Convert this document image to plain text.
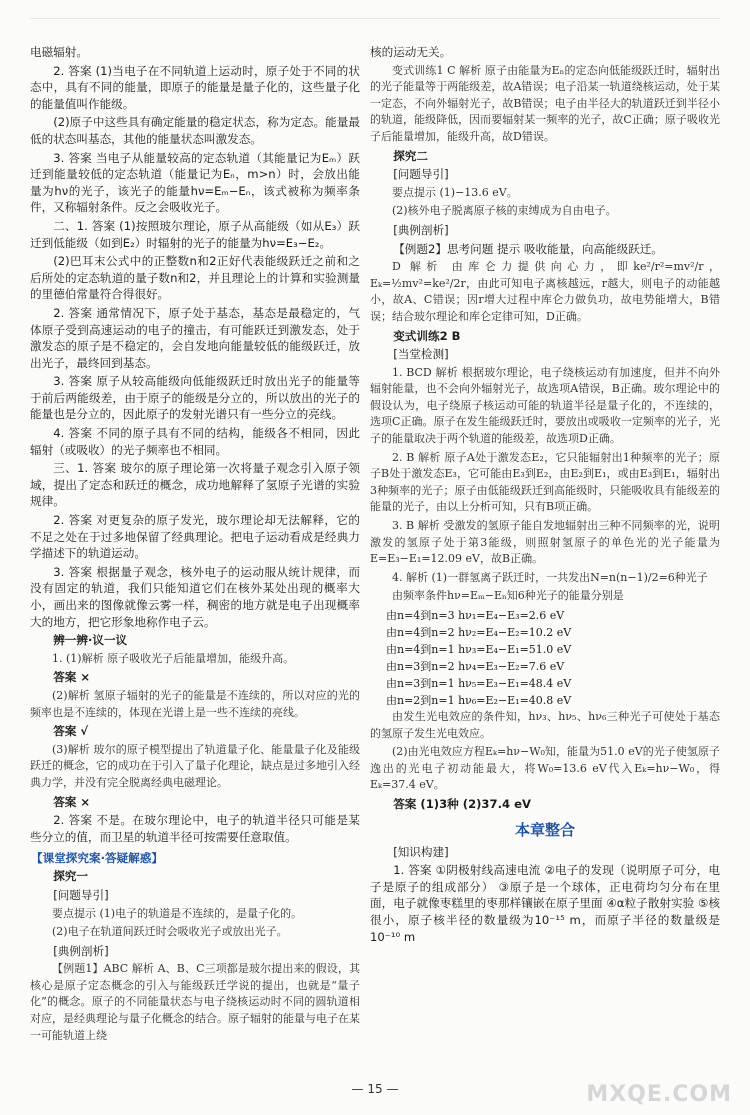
电磁辐射。

2. 答案 (1)当电子在不同轨道上运动时，原子处于不同的状态中，具有不同的能量，即原子的能量是量子化的，这些量子化的能量值叫作能级。

(2)原子中这些具有确定能量的稳定状态，称为定态。能量最低的状态叫基态，其他的能量状态叫激发态。

3. 答案 当电子从能量较高的定态轨道（其能量记为Eₘ）跃迁到能量较低的定态轨道（能量记为Eₙ，m>n）时，会放出能量为hν的光子，该光子的能量hν=Eₘ−Eₙ，该式被称为频率条件，又称辐射条件。反之会吸收光子。

二、1. 答案 (1)按照玻尔理论，原子从高能级（如从E₃）跃迁到低能级（如到E₂）时辐射的光子的能量为hν=E₃−E₂。

(2)巴耳末公式中的正整数n和2正好代表能级跃迁之前和之后所处的定态轨道的量子数n和2，并且理论上的计算和实验测量的里德伯常量符合得很好。

2. 答案 通常情况下，原子处于基态，基态是最稳定的，气体原子受到高速运动的电子的撞击，有可能跃迁到激发态，处于激发态的原子是不稳定的，会自发地向能量较低的能级跃迁，放出光子，最终回到基态。

3. 答案 原子从较高能级向低能级跃迁时放出光子的能量等于前后两能级差，由于原子的能级是分立的，所以放出的光子的能量也是分立的，因此原子的发射光谱只有一些分立的亮线。

4. 答案 不同的原子具有不同的结构，能级各不相同，因此辐射（或吸收）的光子频率也不相同。

三、1. 答案 玻尔的原子理论第一次将量子观念引入原子领域，提出了定态和跃迁的概念，成功地解释了氢原子光谱的实验规律。

2. 答案 对更复杂的原子发光，玻尔理论却无法解释，它的不足之处在于过多地保留了经典理论。把电子运动看成是经典力学描述下的轨道运动。

3. 答案 根据量子观念，核外电子的运动服从统计规律，而没有固定的轨道，我们只能知道它们在核外某处出现的概率大小，画出来的图像就像云雾一样，稠密的地方就是电子出现概率大的地方，把它形象地称作电子云。

辨一辨·议一议

1. (1)解析 原子吸收光子后能量增加，能级升高。

答案 ×

(2)解析 氢原子辐射的光子的能量是不连续的，所以对应的光的频率也是不连续的，体现在光谱上是一些不连续的亮线。

答案 √

(3)解析 玻尔的原子模型提出了轨道量子化、能量量子化及能级跃迁的概念，它的成功在于引入了量子化理论，缺点是过多地引入经典力学，并没有完全脱离经典电磁理论。

答案 ×

2. 答案 不是。在玻尔理论中，电子的轨道半径只可能是某些分立的值，而卫星的轨道半径可按需要任意取值。

【课堂探究案·答疑解惑】

探究一

[问题导引]

要点提示 (1)电子的轨道是不连续的，是量子化的。

(2)电子在轨道间跃迁时会吸收光子或放出光子。

[典例剖析]

【例题1】ABC 解析 A、B、C三项都是玻尔提出来的假设，其核心是原子定态概念的引入与能级跃迁学说的提出，也就是“量子化”的概念。原子的不同能量状态与电子绕核运动时不同的圆轨道相对应，是经典理论与量子化概念的结合。原子辐射的能量与电子在某一可能轨道上绕

核的运动无关。

变式训练1 C 解析 原子由能量为Eₙ的定态向低能级跃迁时，辐射出的光子能量等于两能级差，故A错误；电子沿某一轨道绕核运动，处于某一定态，不向外辐射光子，故B错误；电子由半径大的轨道跃迁到半径小的轨道，能级降低，因而要辐射某一频率的光子，故C正确；原子吸收光子后能量增加，能级升高，故D错误。

探究二

[问题导引]

要点提示 (1)−13.6 eV。

(2)核外电子脱离原子核的束缚成为自由电子。

[典例剖析]

【例题2】思考问题 提示 吸收能量，向高能级跃迁。

D 解析 由库仑力提供向心力，即ke²/r²=mv²/r，Eₖ=½mv²=ke²/2r，由此可知电子离核越远，r越大，则电子的动能越小，故A、C错误；因r增大过程中库仑力做负功，故电势能增大，B错误；结合玻尔理论和库仑定律可知，D正确。

变式训练2 B

[当堂检测]

1. BCD 解析 根据玻尔理论，电子绕核运动有加速度，但并不向外辐射能量，也不会向外辐射光子，故选项A错误，B正确。玻尔理论中的假设认为，电子绕原子核运动可能的轨道半径是量子化的，不连续的，选项C正确。原子在发生能级跃迁时，要放出或吸收一定频率的光子，光子的能量取决于两个轨道的能级差，故选项D正确。

2. B 解析 原子A处于激发态E₂，它只能辐射出1种频率的光子；原子B处于激发态E₃，它可能由E₃到E₂，由E₂到E₁，或由E₃到E₁，辐射出3种频率的光子；原子由低能级跃迁到高能级时，只能吸收具有能级差的能量的光子，由以上分析可知，只有B项正确。

3. B 解析 受激发的氢原子能自发地辐射出三种不同频率的光，说明激发的氢原子处于第3能级，则照射氢原子的单色光的光子能量为E=E₃−E₁=12.09 eV，故B正确。

4. 解析 (1)一群氢离子跃迁时，一共发出N=n(n−1)/2=6种光子

由频率条件hν=Eₘ−Eₙ知6种光子的能量分别是

由n=4到n=3 hν₁=E₄−E₃=2.6 eV
由n=4到n=2 hν₂=E₄−E₂=10.2 eV
由n=4到n=1 hν₃=E₄−E₁=51.0 eV
由n=3到n=2 hν₄=E₃−E₂=7.6 eV
由n=3到n=1 hν₅=E₃−E₁=48.4 eV
由n=2到n=1 hν₆=E₂−E₁=40.8 eV

由发生光电效应的条件知，hν₃、hν₅、hν₆三种光子可使处于基态的氢原子发生光电效应。

(2)由光电效应方程Eₖ=hν−W₀知，能量为51.0 eV的光子使氢原子逸出的光电子初动能最大，将W₀=13.6 eV代入Eₖ=hν−W₀，得Eₖ=37.4 eV。

答案 (1)3种 (2)37.4 eV

本章整合

[知识构建]

1. 答案 ①阴极射线高速电流 ②电子的发现（说明原子可分，电子是原子的组成部分） ③原子是一个球体，正电荷均匀分布在里面，电子就像枣糕里的枣那样镶嵌在原子里面 ④α粒子散射实验 ⑤核很小，原子核半径的数量级为10⁻¹⁵ m，而原子半径的数量级是10⁻¹⁰ m

— 15 —	MXQE.COM
